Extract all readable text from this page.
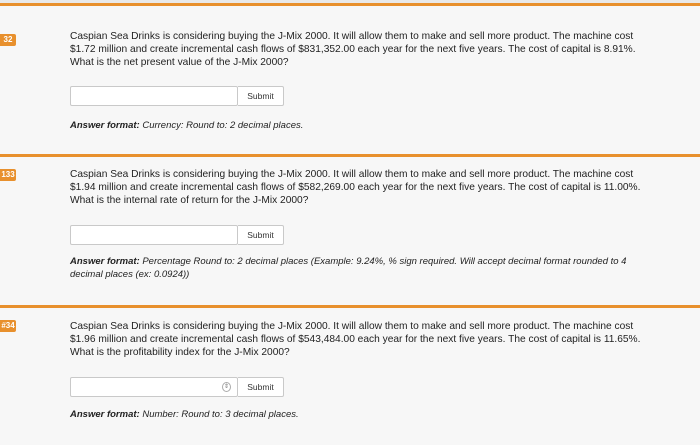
32	Caspian Sea Drinks is considering buying the J-Mix 2000. It will allow them to make and sell more product. The machine cost $1.72 million and create incremental cash flows of $831,352.00 each year for the next five years. The cost of capital is 8.91%. What is the net present value of the J-Mix 2000?
Submit
Answer format: Currency: Round to: 2 decimal places.
133	Caspian Sea Drinks is considering buying the J-Mix 2000. It will allow them to make and sell more product. The machine cost $1.94 million and create incremental cash flows of $582,269.00 each year for the next five years. The cost of capital is 11.00%. What is the internal rate of return for the J-Mix 2000?
Submit
Answer format: Percentage Round to: 2 decimal places (Example: 9.24%, % sign required. Will accept decimal format rounded to 4 decimal places (ex: 0.0924))
#34	Caspian Sea Drinks is considering buying the J-Mix 2000. It will allow them to make and sell more product. The machine cost $1.96 million and create incremental cash flows of $543,484.00 each year for the next five years. The cost of capital is 11.65%. What is the profitability index for the J-Mix 2000?
⇕	Submit
Answer format: Number: Round to: 3 decimal places.
